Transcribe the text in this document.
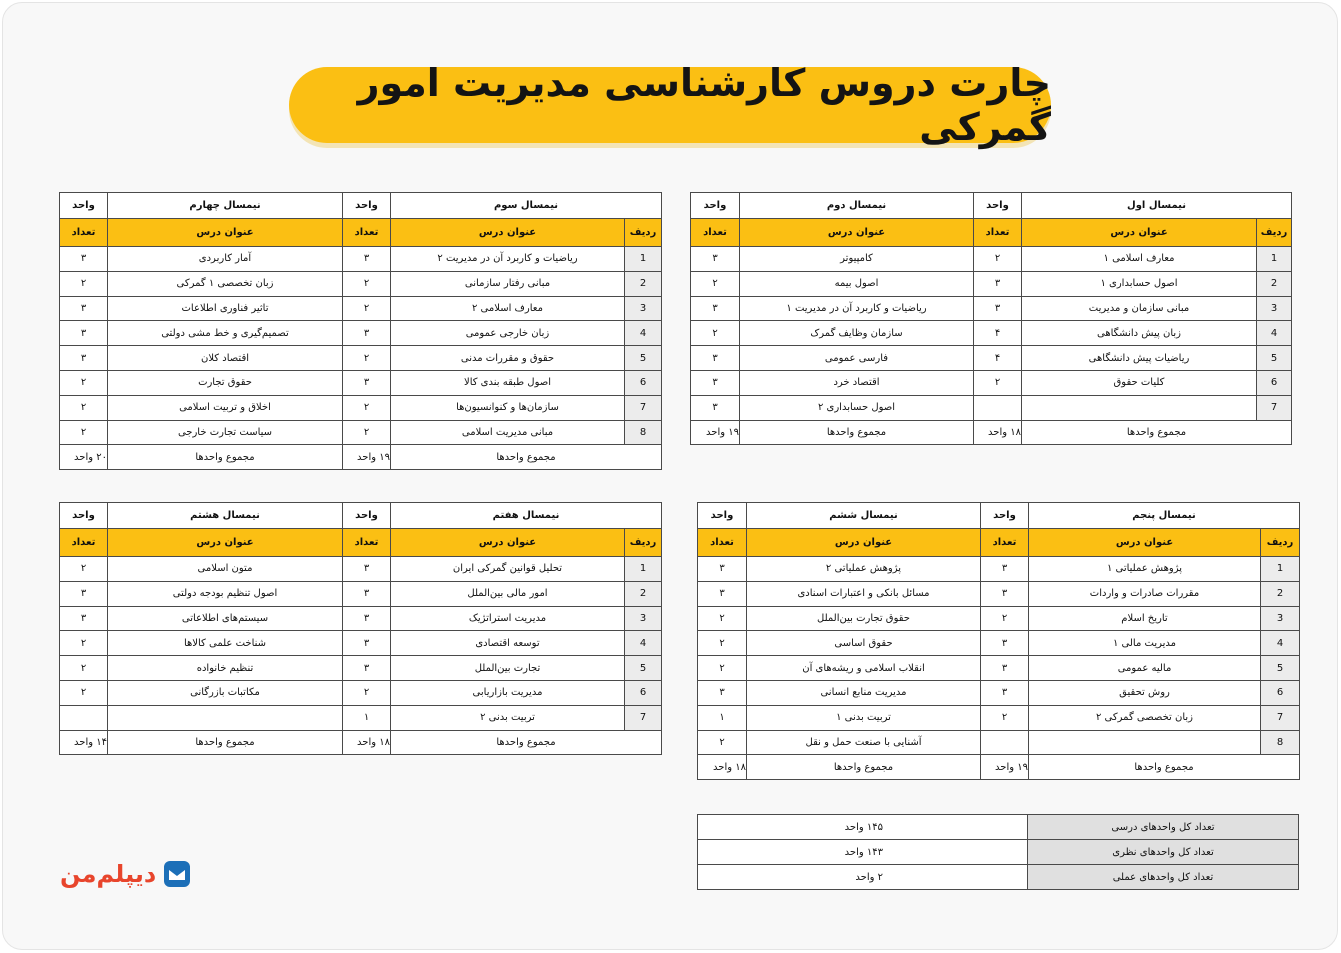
چارت دروس کارشناسی مدیریت امور گمرکی
نیمسال اول		واحد	نیمسال دوم	واحد
ردیف	عنوان درس	تعداد	عنوان درس	تعداد
1	معارف اسلامی ۱	۲	کامپیوتر	۳
2	اصول حسابداری ۱	۳	اصول بیمه	۲
3	مبانی سازمان و مدیریت	۳	ریاضیات و کاربرد آن در مدیریت ۱	۳
4	زبان پیش دانشگاهی	۴	سازمان وظایف گمرک	۲
5	ریاضیات پیش دانشگاهی	۴	فارسی عمومی	۳
6	کلیات حقوق	۲	اقتصاد خرد	۳
7			اصول حسابداری ۲	۳
مجموع واحدها		۱۸ واحد	مجموع واحدها	۱۹ واحد
نیمسال سوم		واحد	نیمسال چهارم	واحد
ردیف	عنوان درس	تعداد	عنوان درس	تعداد
1	ریاضیات و کاربرد آن در مدیریت ۲	۳	آمار کاربردی	۳
2	مبانی رفتار سازمانی	۲	زبان تخصصی ۱ گمرکی	۲
3	معارف اسلامی ۲	۲	تاثیر فناوری اطلاعات	۳
4	زبان خارجی عمومی	۳	تصمیم‌گیری و خط مشی دولتی	۳
5	حقوق و مقررات مدنی	۲	اقتصاد کلان	۳
6	اصول طبقه بندی کالا	۳	حقوق تجارت	۲
7	سازمان‌ها و کنوانسیون‌ها	۲	اخلاق و تربیت اسلامی	۲
8	مبانی مدیریت اسلامی	۲	سیاست تجارت خارجی	۲
مجموع واحدها		۱۹ واحد	مجموع واحدها	۲۰ واحد
نیمسال پنجم		واحد	نیمسال ششم	واحد
ردیف	عنوان درس	تعداد	عنوان درس	تعداد
1	پژوهش عملیاتی ۱	۳	پژوهش عملیاتی ۲	۳
2	مقررات صادرات و واردات	۳	مسائل بانکی و اعتبارات اسنادی	۳
3	تاریخ اسلام	۲	حقوق تجارت بین‌الملل	۲
4	مدیریت مالی ۱	۳	حقوق اساسی	۲
5	مالیه عمومی	۳	انقلاب اسلامی و ریشه‌های آن	۲
6	روش تحقیق	۳	مدیریت منابع انسانی	۳
7	زبان تخصصی گمرکی ۲	۲	تربیت بدنی ۱	۱
8			آشنایی با صنعت حمل و نقل	۲
مجموع واحدها		۱۹ واحد	مجموع واحدها	۱۸ واحد
نیمسال هفتم		واحد	نیمسال هشتم	واحد
ردیف	عنوان درس	تعداد	عنوان درس	تعداد
1	تحلیل قوانین گمرکی ایران	۳	متون اسلامی	۲
2	امور مالی بین‌الملل	۳	اصول تنظیم بودجه دولتی	۳
3	مدیریت استراتژیک	۳	سیستم‌های اطلاعاتی	۳
4	توسعه اقتصادی	۳	شناخت علمی کالاها	۲
5	تجارت بین‌الملل	۳	تنظیم خانواده	۲
6	مدیریت بازاریابی	۲	مکاتبات بازرگانی	۲
7	تربیت بدنی ۲	۱		
مجموع واحدها		۱۸ واحد	مجموع واحدها	۱۴ واحد
تعداد کل واحدهای درسی	۱۴۵ واحد
تعداد کل واحدهای نظری	۱۴۳ واحد
تعداد کل واحدهای عملی	۲ واحد
دیپلم‌من
